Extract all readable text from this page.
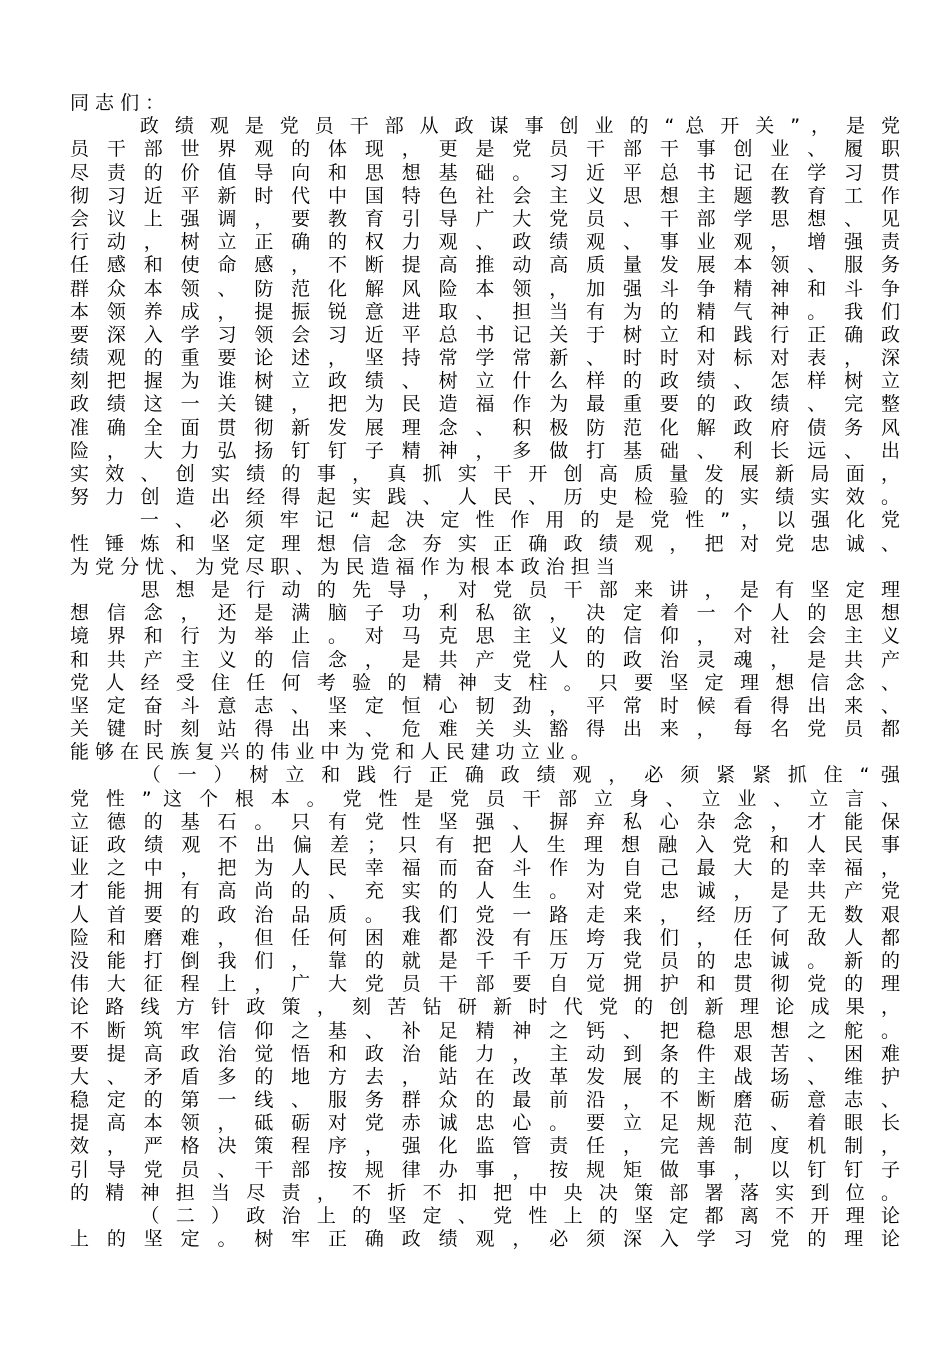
同 志 们 ：
　 　 政 绩 观 是 党 员 干 部 从 政 谋 事 创 业 的 “ 总 开 关 ” ， 是 党
员 干 部 世 界 观 的 体 现 ， 更 是 党 员 干 部 干 事 创 业 、 履 职
尽 责 的 价 值 导 向 和 思 想 基 础 。 习 近 平 总 书 记 在 学 习 贯
彻 习 近 平 新 时 代 中 国 特 色 社 会 主 义 思 想 主 题 教 育 工 作
会 议 上 强 调 ， 要 教 育 引 导 广 大 党 员 、 干 部 学 思 想 、 见
行 动 ， 树 立 正 确 的 权 力 观 、 政 绩 观 、 事 业 观 ， 增 强 责
任 感 和 使 命 感 ， 不 断 提 高 推 动 高 质 量 发 展 本 领 、 服 务
群 众 本 领 、 防 范 化 解 风 险 本 领 ， 加 强 斗 争 精 神 和 斗 争
本 领 养 成 ， 提 振 锐 意 进 取 、 担 当 有 为 的 精 气 神 。 我 们
要 深 入 学 习 领 会 习 近 平 总 书 记 关 于 树 立 和 践 行 正 确 政
绩 观 的 重 要 论 述 ， 坚 持 常 学 常 新 、 时 时 对 标 对 表 ， 深
刻 把 握 为 谁 树 立 政 绩 、 树 立 什 么 样 的 政 绩 、 怎 样 树 立
政 绩 这 一 关 键 ， 把 为 民 造 福 作 为 最 重 要 的 政 绩 、 完 整
准 确 全 面 贯 彻 新 发 展 理 念 、 积 极 防 范 化 解 政 府 债 务 风
险 ， 大 力 弘 扬 钉 钉 子 精 神 ， 多 做 打 基 础 、 利 长 远 、 出
实 效 、 创 实 绩 的 事 ， 真 抓 实 干 开 创 高 质 量 发 展 新 局 面 ，
努 力 创 造 出 经 得 起 实 践 、 人 民 、 历 史 检 验 的 实 绩 实 效 。
　 　 一 、 必 须 牢 记 “ 起 决 定 性 作 用 的 是 党 性 ” ， 以 强 化 党
性 锤 炼 和 坚 定 理 想 信 念 夯 实 正 确 政 绩 观 ， 把 对 党 忠 诚 、
为 党 分 忧 、 为 党 尽 职 、 为 民 造 福 作 为 根 本 政 治 担 当
　 　 思 想 是 行 动 的 先 导 ， 对 党 员 干 部 来 讲 ， 是 有 坚 定 理
想 信 念 ， 还 是 满 脑 子 功 利 私 欲 ， 决 定 着 一 个 人 的 思 想
境 界 和 行 为 举 止 。 对 马 克 思 主 义 的 信 仰 ， 对 社 会 主 义
和 共 产 主 义 的 信 念 ， 是 共 产 党 人 的 政 治 灵 魂 ， 是 共 产
党 人 经 受 住 任 何 考 验 的 精 神 支 柱 。 只 要 坚 定 理 想 信 念 、
坚 定 奋 斗 意 志 、 坚 定 恒 心 韧 劲 ， 平 常 时 候 看 得 出 来 、
关 键 时 刻 站 得 出 来 、 危 难 关 头 豁 得 出 来 ， 每 名 党 员 都
能 够 在 民 族 复 兴 的 伟 业 中 为 党 和 人 民 建 功 立 业 。
　 　 （ 一 ） 树 立 和 践 行 正 确 政 绩 观 ， 必 须 紧 紧 抓 住 “ 强
党 性 ” 这 个 根 本 。 党 性 是 党 员 干 部 立 身 、 立 业 、 立 言 、
立 德 的 基 石 。 只 有 党 性 坚 强 、 摒 弃 私 心 杂 念 ， 才 能 保
证 政 绩 观 不 出 偏 差 ； 只 有 把 人 生 理 想 融 入 党 和 人 民 事
业 之 中 ， 把 为 人 民 幸 福 而 奋 斗 作 为 自 己 最 大 的 幸 福 ，
才 能 拥 有 高 尚 的 、 充 实 的 人 生 。 对 党 忠 诚 ， 是 共 产 党
人 首 要 的 政 治 品 质 。 我 们 党 一 路 走 来 ， 经 历 了 无 数 艰
险 和 磨 难 ， 但 任 何 困 难 都 没 有 压 垮 我 们 ， 任 何 敌 人 都
没 能 打 倒 我 们 ， 靠 的 就 是 千 千 万 万 党 员 的 忠 诚 。 新 的
伟 大 征 程 上 ， 广 大 党 员 干 部 要 自 觉 拥 护 和 贯 彻 党 的 理
论 路 线 方 针 政 策 ， 刻 苦 钻 研 新 时 代 党 的 创 新 理 论 成 果 ，
不 断 筑 牢 信 仰 之 基 、 补 足 精 神 之 钙 、 把 稳 思 想 之 舵 。
要 提 高 政 治 觉 悟 和 政 治 能 力 ， 主 动 到 条 件 艰 苦 、 困 难
大 、 矛 盾 多 的 地 方 去 ， 站 在 改 革 发 展 的 主 战 场 、 维 护
稳 定 的 第 一 线 、 服 务 群 众 的 最 前 沿 ， 不 断 磨 砺 意 志 、
提 高 本 领 ， 砥 砺 对 党 赤 诚 忠 心 。 要 立 足 规 范 、 着 眼 长
效 ， 严 格 决 策 程 序 ， 强 化 监 管 责 任 ， 完 善 制 度 机 制 ，
引 导 党 员 、 干 部 按 规 律 办 事 ， 按 规 矩 做 事 ， 以 钉 钉 子
的 精 神 担 当 尽 责 ， 不 折 不 扣 把 中 央 决 策 部 署 落 实 到 位 。
　 　 （ 二 ） 政 治 上 的 坚 定 、 党 性 上 的 坚 定 都 离 不 开 理 论
上 的 坚 定 。 树 牢 正 确 政 绩 观 ， 必 须 深 入 学 习 党 的 理 论
